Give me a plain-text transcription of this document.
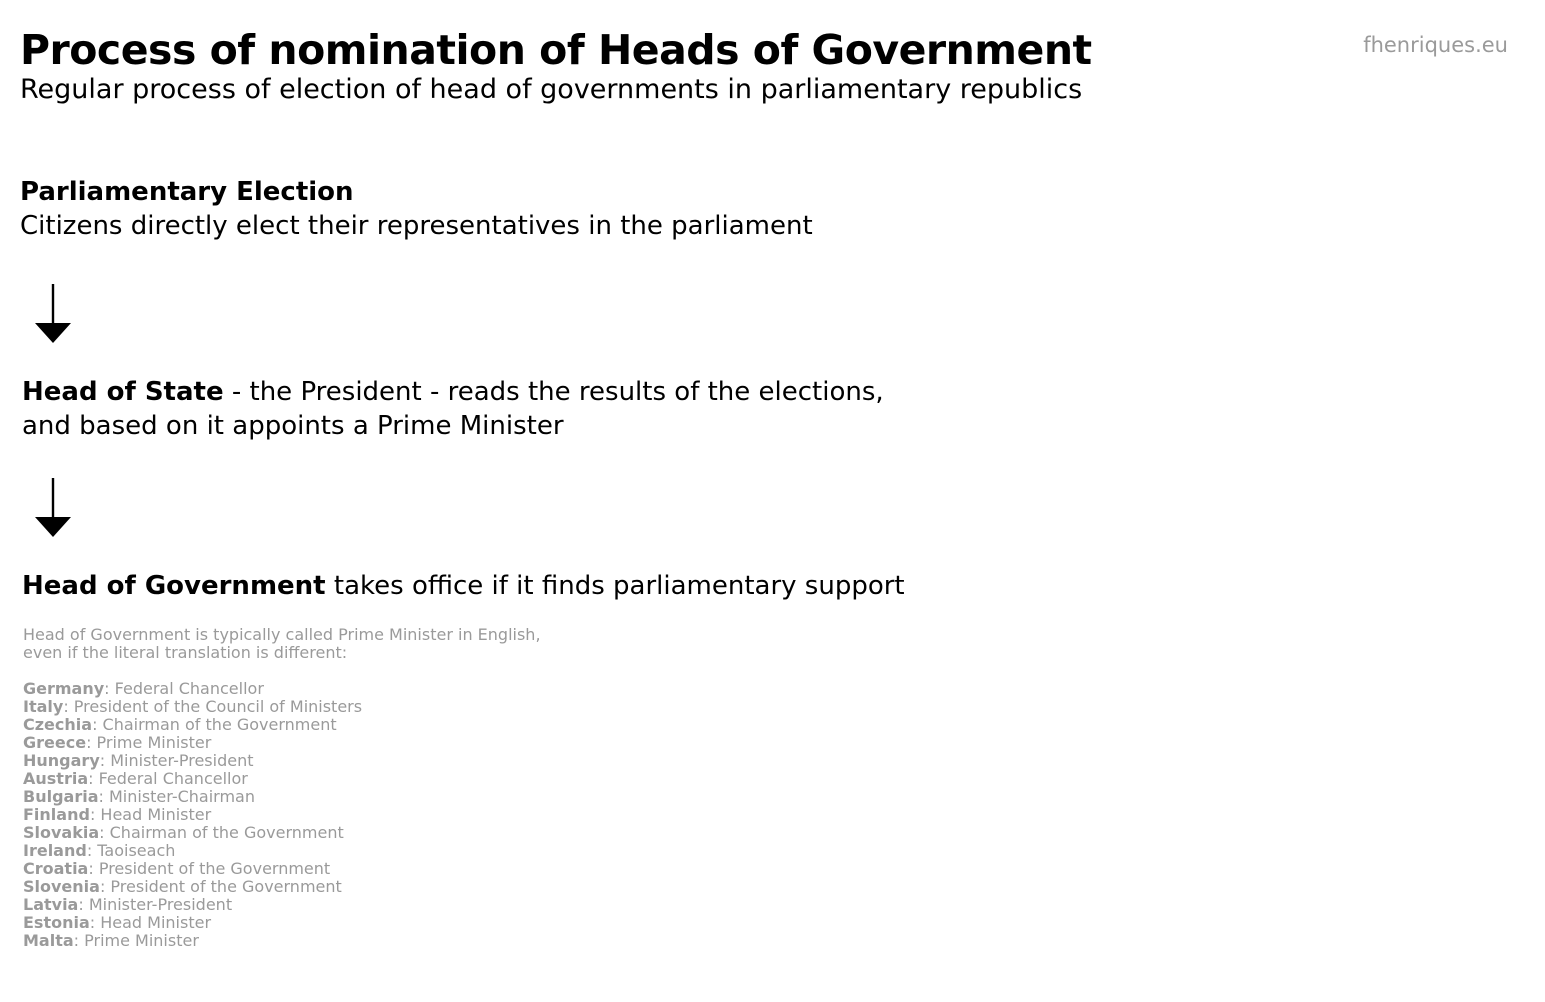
Process of nomination of Heads of Government
Regular process of election of head of governments in parliamentary republics
fhenriques.eu
Parliamentary Election
Citizens directly elect their representatives in the parliament
Head of State - the President - reads the results of the elections,
and based on it appoints a Prime Minister
Head of Government takes office if it finds parliamentary support
Head of Government is typically called Prime Minister in English,
even if the literal translation is different:
Germany: Federal Chancellor
Italy: President of the Council of Ministers
Czechia: Chairman of the Government
Greece: Prime Minister
Hungary: Minister-President
Austria: Federal Chancellor
Bulgaria: Minister-Chairman
Finland: Head Minister
Slovakia: Chairman of the Government
Ireland: Taoiseach
Croatia: President of the Government
Slovenia: President of the Government
Latvia: Minister-President
Estonia: Head Minister
Malta: Prime Minister
